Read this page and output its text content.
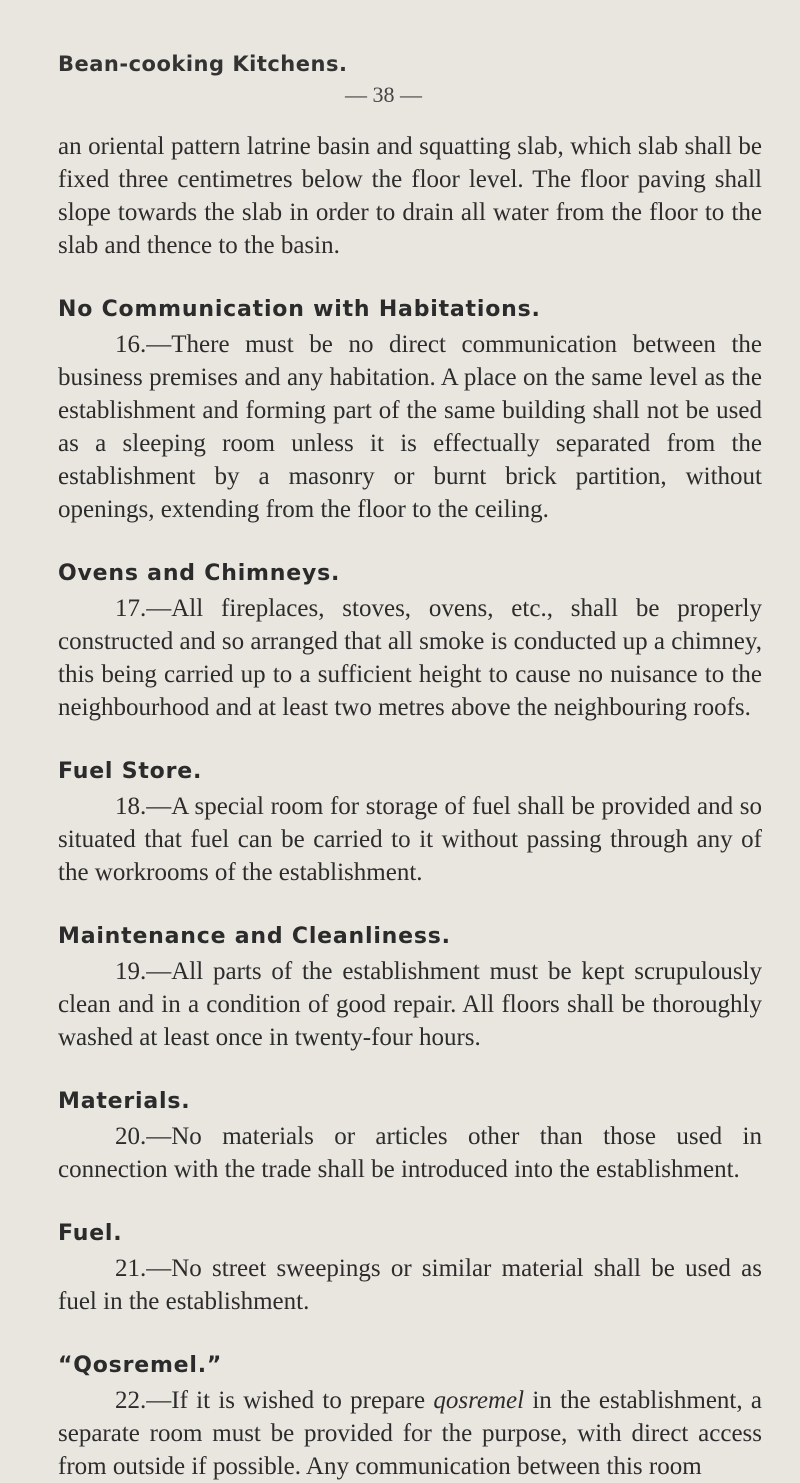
Bean-cooking Kitchens.
— 38 —

an oriental pattern latrine basin and squatting slab, which slab shall be fixed three centimetres below the floor level. The floor paving shall slope towards the slab in order to drain all water from the floor to the slab and thence to the basin.

No Communication with Habitations.

16.—There must be no direct communication between the business premises and any habitation. A place on the same level as the establishment and forming part of the same building shall not be used as a sleeping room unless it is effectually separated from the establishment by a masonry or burnt brick partition, without openings, extending from the floor to the ceiling.

Ovens and Chimneys.

17.—All fireplaces, stoves, ovens, etc., shall be properly constructed and so arranged that all smoke is conducted up a chimney, this being carried up to a sufficient height to cause no nuisance to the neighbourhood and at least two metres above the neighbouring roofs.

Fuel Store.

18.—A special room for storage of fuel shall be provided and so situated that fuel can be carried to it without passing through any of the workrooms of the establishment.

Maintenance and Cleanliness.

19.—All parts of the establishment must be kept scrupulously clean and in a condition of good repair. All floors shall be thoroughly washed at least once in twenty-four hours.

Materials.

20.—No materials or articles other than those used in connection with the trade shall be introduced into the establishment.

Fuel.

21.—No street sweepings or similar material shall be used as fuel in the establishment.

“Qosremel.”

22.—If it is wished to prepare qosremel in the establishment, a separate room must be provided for the purpose, with direct access from outside if possible. Any communication between this room
